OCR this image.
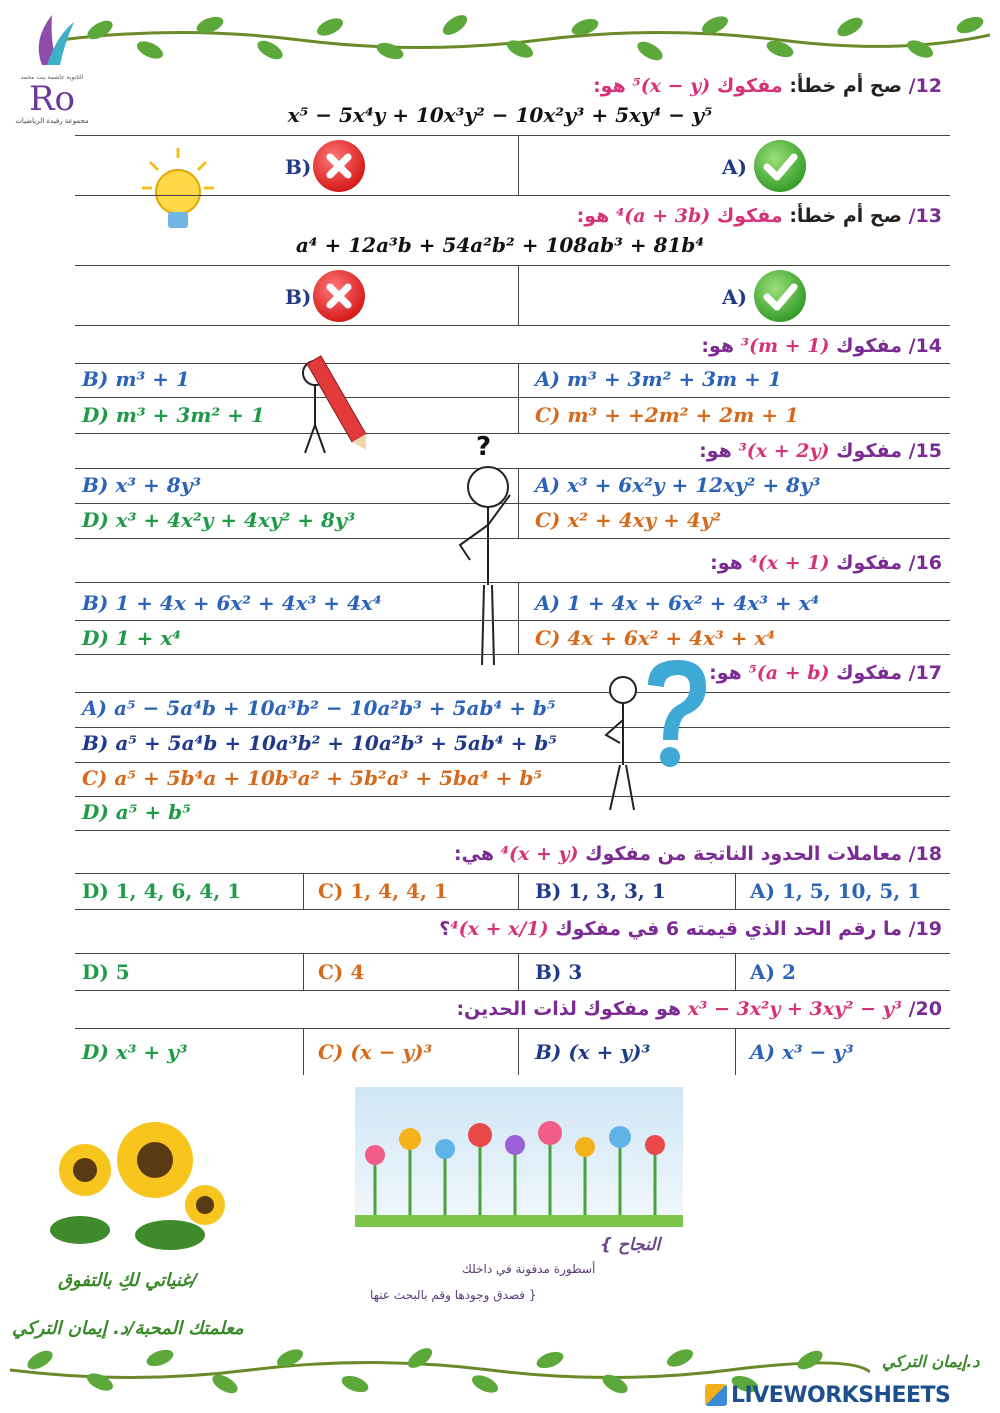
الثانوية عاشمة بنت محمد
Ro
مجموعة رفيدة الرياضيات
12/ صح أم خطأ: مفكوك (x − y)⁵ هو:
x⁵ − 5x⁴y + 10x³y² − 10x²y³ + 5xy⁴ − y⁵
B)	A)
13/ صح أم خطأ: مفكوك (a + 3b)⁴ هو:
a⁴ + 12a³b + 54a²b² + 108ab³ + 81b⁴
B)	A)
14/ مفكوك (m + 1)³ هو:
B) m³ + 1	A) m³ + 3m² + 3m + 1
D) m³ + 3m² + 1	C) m³ + +2m² + 2m + 1
15/ مفكوك (x + 2y)³ هو:
B) x³ + 8y³	A) x³ + 6x²y + 12xy² + 8y³
D) x³ + 4x²y + 4xy² + 8y³	C) x² + 4xy + 4y²
?
16/ مفكوك (1 + x)⁴ هو:
B) 1 + 4x + 6x² + 4x³ + 4x⁴	A) 1 + 4x + 6x² + 4x³ + x⁴
D) 1 + x⁴	C) 4x + 6x² + 4x³ + x⁴
17/ مفكوك (a + b)⁵ هو:
A) a⁵ − 5a⁴b + 10a³b² − 10a²b³ + 5ab⁴ + b⁵
B) a⁵ + 5a⁴b + 10a³b² + 10a²b³ + 5ab⁴ + b⁵
C) a⁵ + 5b⁴a + 10b³a² + 5b²a³ + 5ba⁴ + b⁵
D) a⁵ + b⁵
18/ معاملات الحدود الناتجة من مفكوك (x + y)⁴ هي:
D) 1, 4, 6, 4, 1	C) 1, 4, 4, 1	B) 1, 3, 3, 1	A) 1, 5, 10, 5, 1
19/ ما رقم الحد الذي قيمته 6 في مفكوك (1/x + x)⁴؟
D) 5	C) 4	B) 3	A) 2
20/ x³ − 3x²y + 3xy² − y³ هو مفكوك لذات الحدين:
D) x³ + y³	C) (x − y)³	B) (x + y)³	A) x³ − y³
{ النجاح
أسطورة مدفونة في داخلك
فصدق وجودها وقم بالبحث عنها }
غنياتي لكِ بالتفوق/
معلمتك المحبة/د. إيمان التركي
د.إيمان التركي
LIVEWORKSHEETS
